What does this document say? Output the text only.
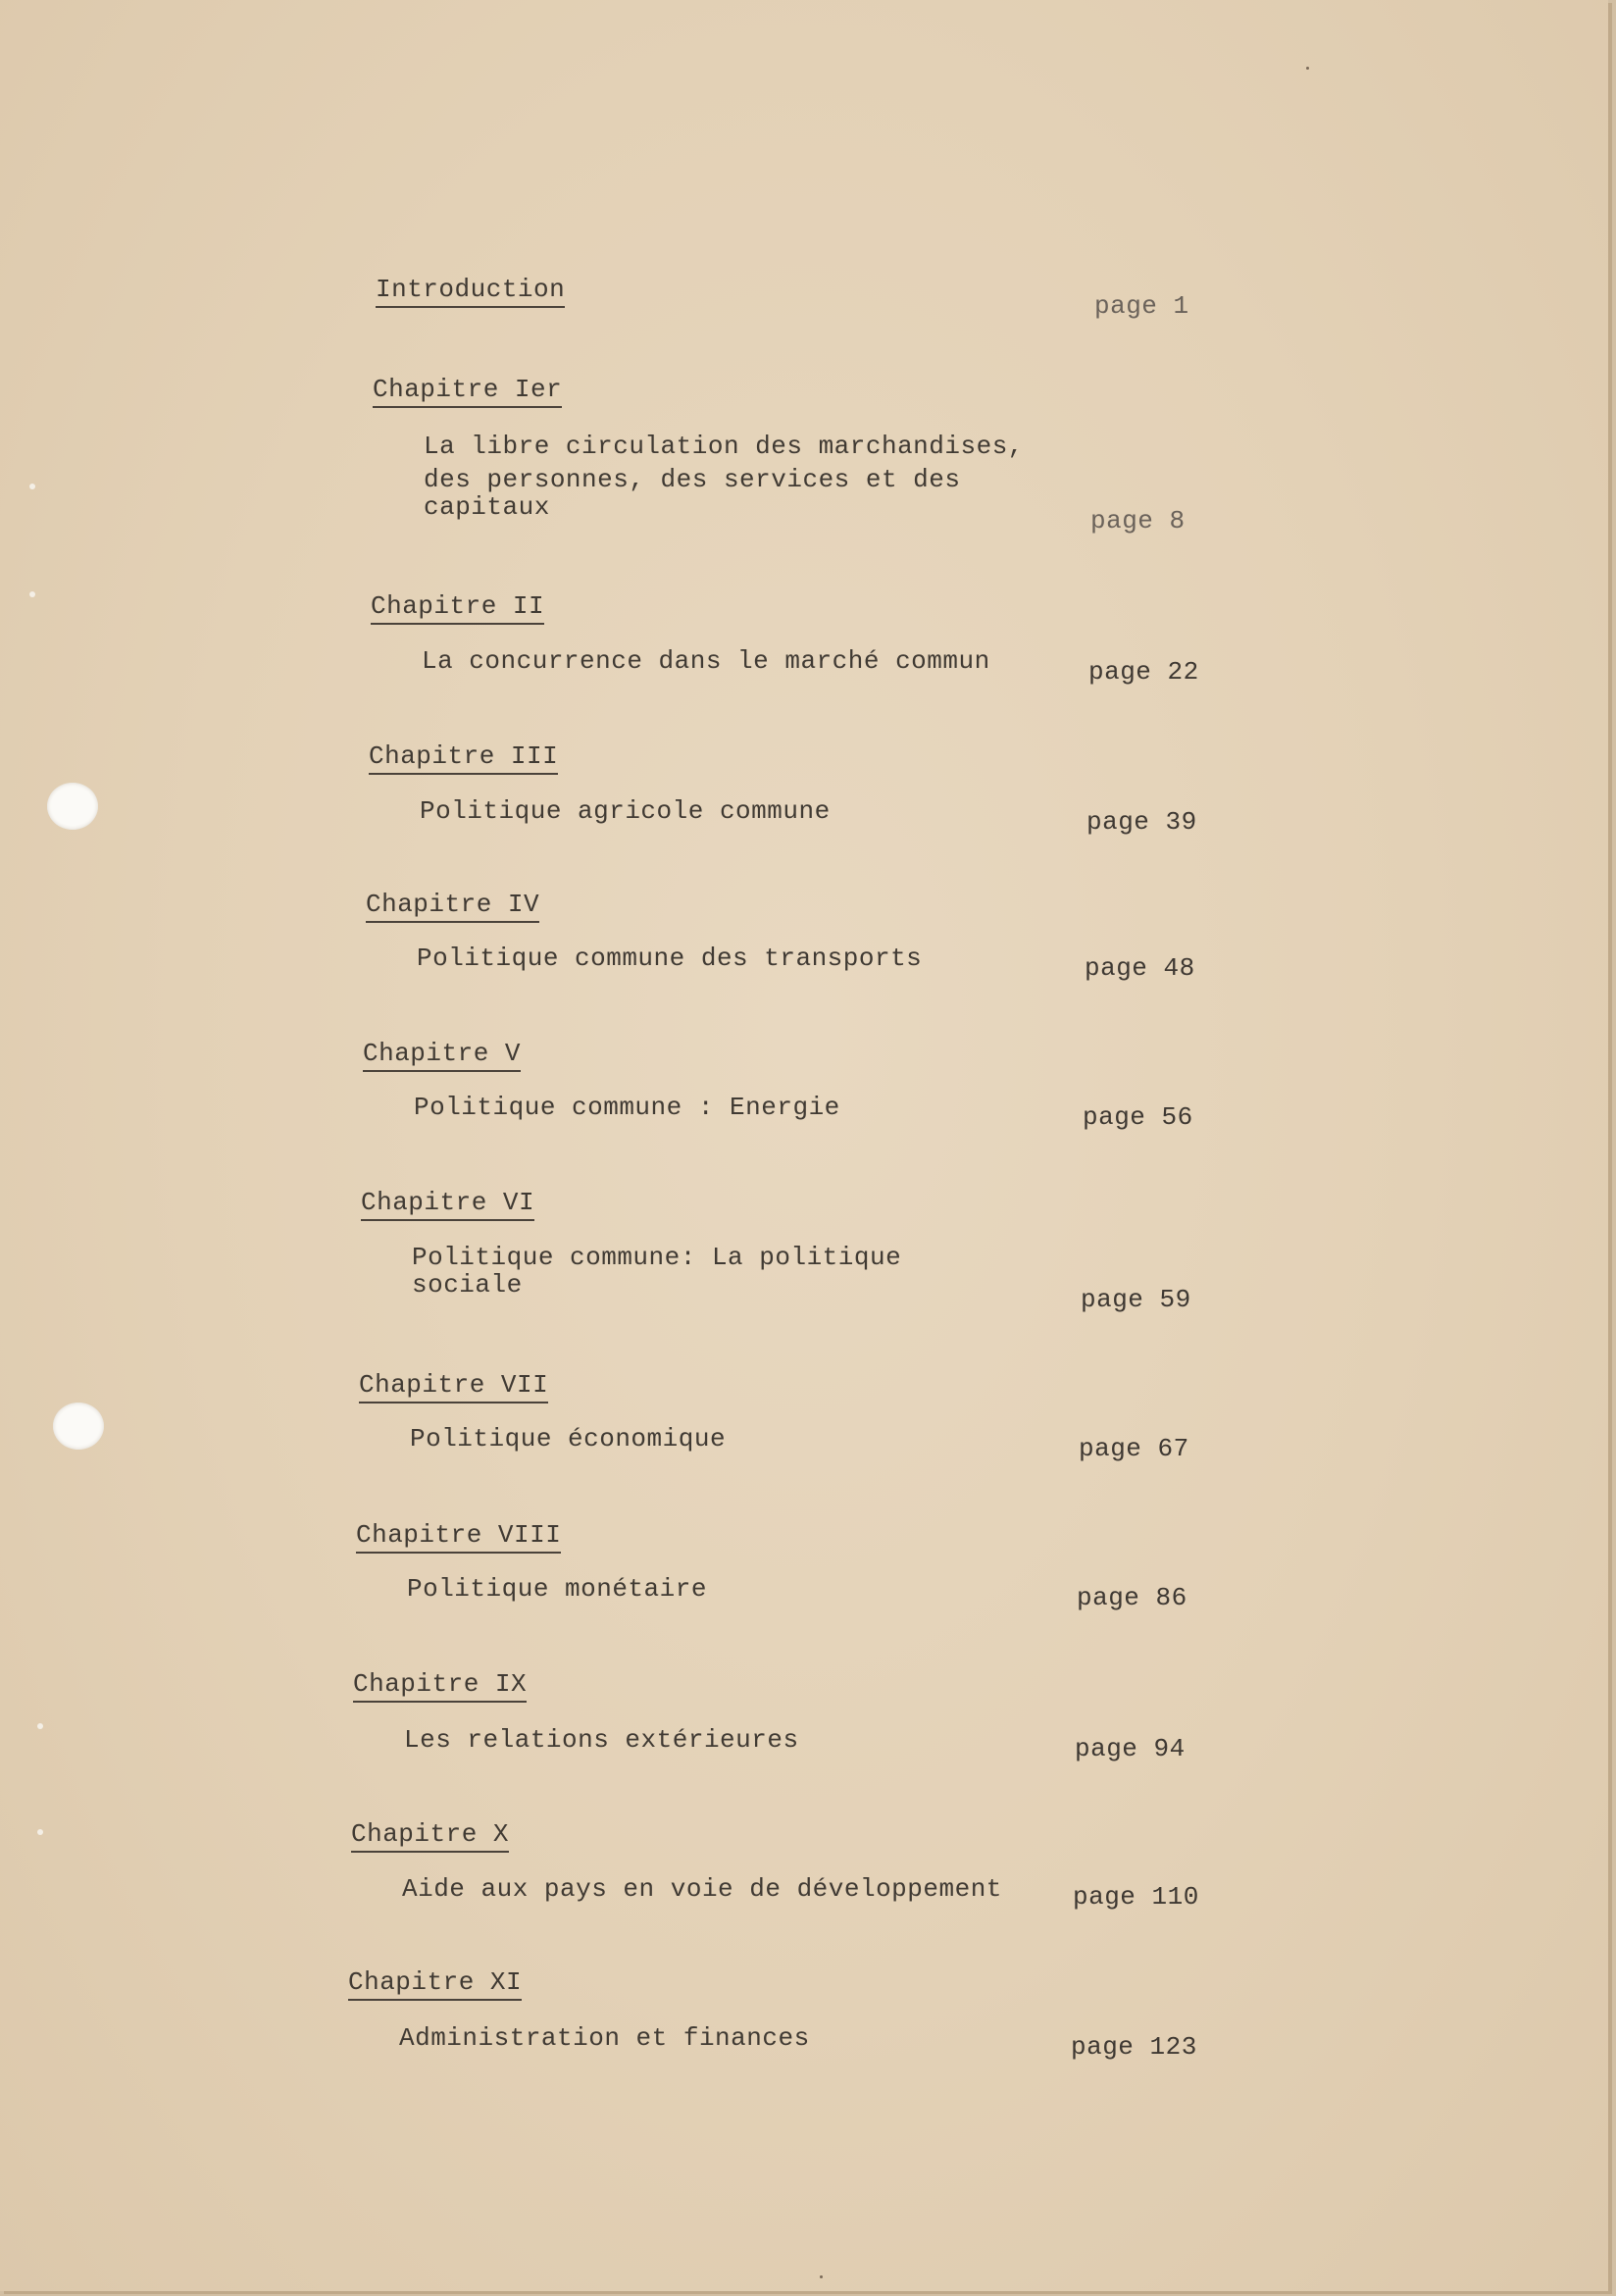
Introduction
page 1
Chapitre Ier
La libre circulation des marchandises,
des personnes, des services et des
capitaux	page 8
Chapitre II
La concurrence dans le marché commun	page 22
Chapitre III
Politique agricole commune	page 39
Chapitre IV
Politique commune des transports	page 48
Chapitre V
Politique commune : Energie	page 56
Chapitre VI
Politique commune: La politique
sociale	page 59
Chapitre VII
Politique économique	page 67
Chapitre VIII
Politique monétaire	page 86
Chapitre IX
Les relations extérieures	page 94
Chapitre X
Aide aux pays en voie de développement	page 110
Chapitre XI
Administration et finances	page 123
